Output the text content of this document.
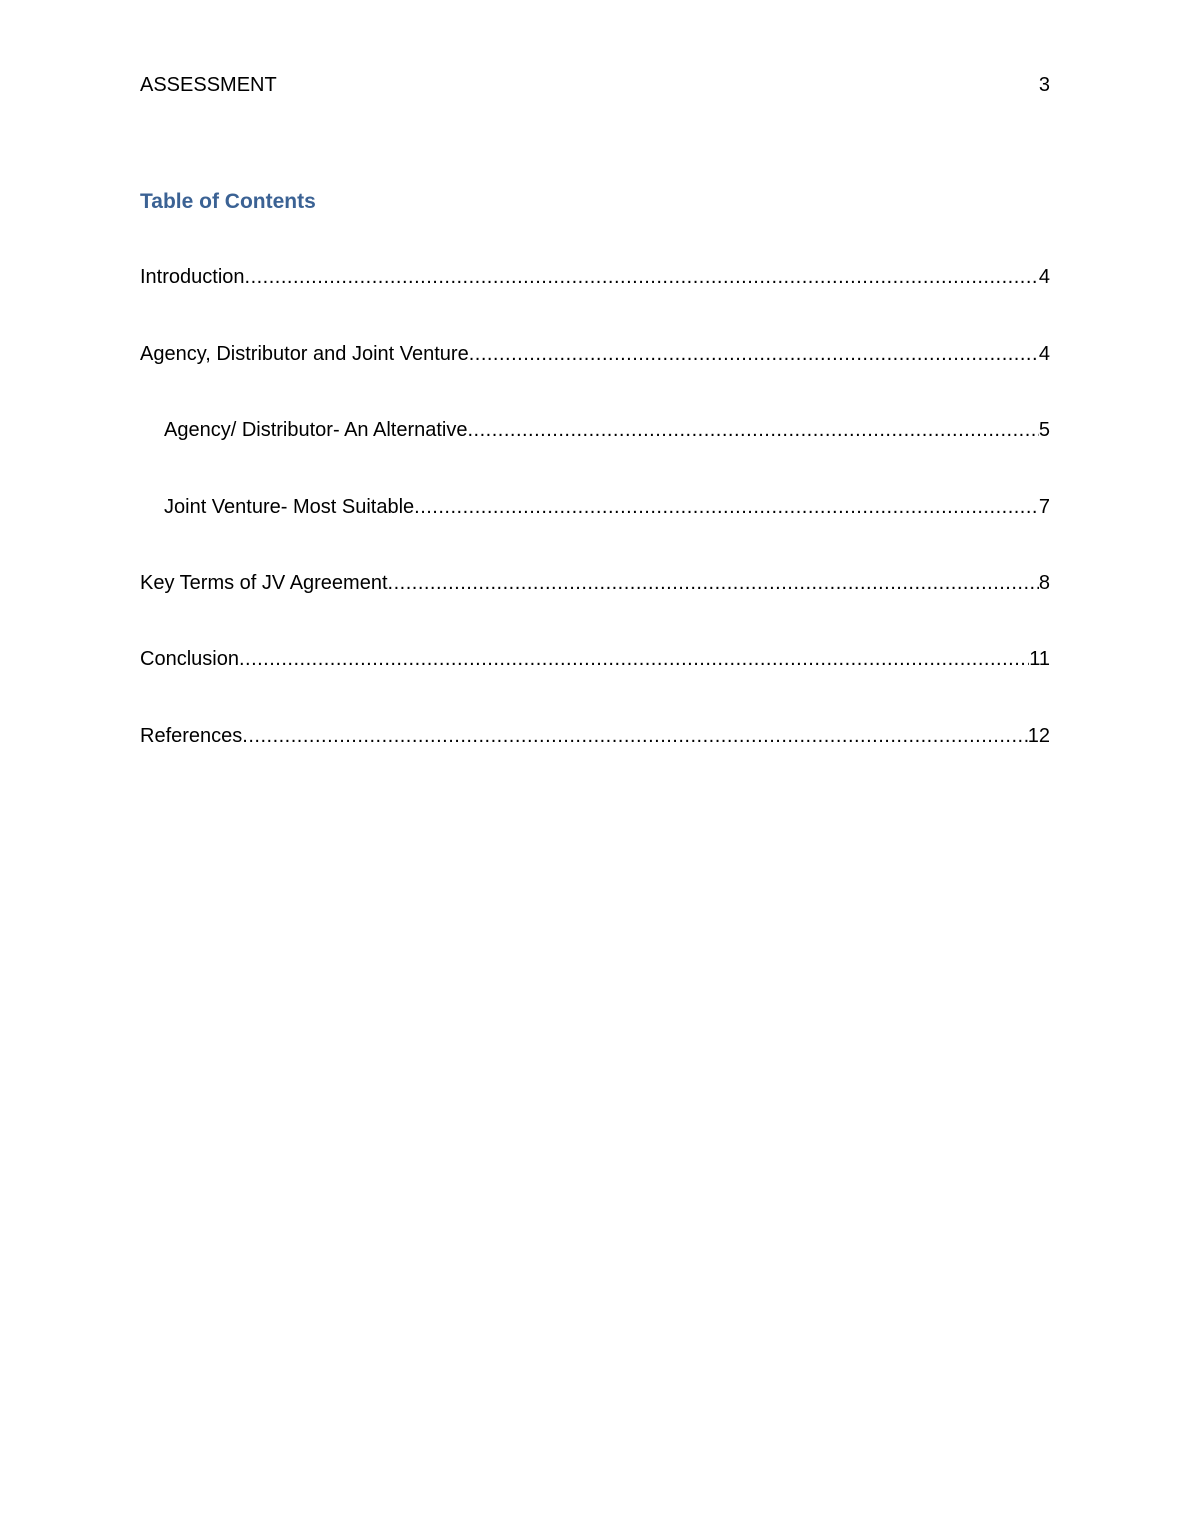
ASSESSMENT	3
Table of Contents
Introduction .....	4
Agency, Distributor and Joint Venture .....	4
Agency/ Distributor- An Alternative .....	5
Joint Venture- Most Suitable .....	7
Key Terms of JV Agreement .....	8
Conclusion .....	11
References .....	12
